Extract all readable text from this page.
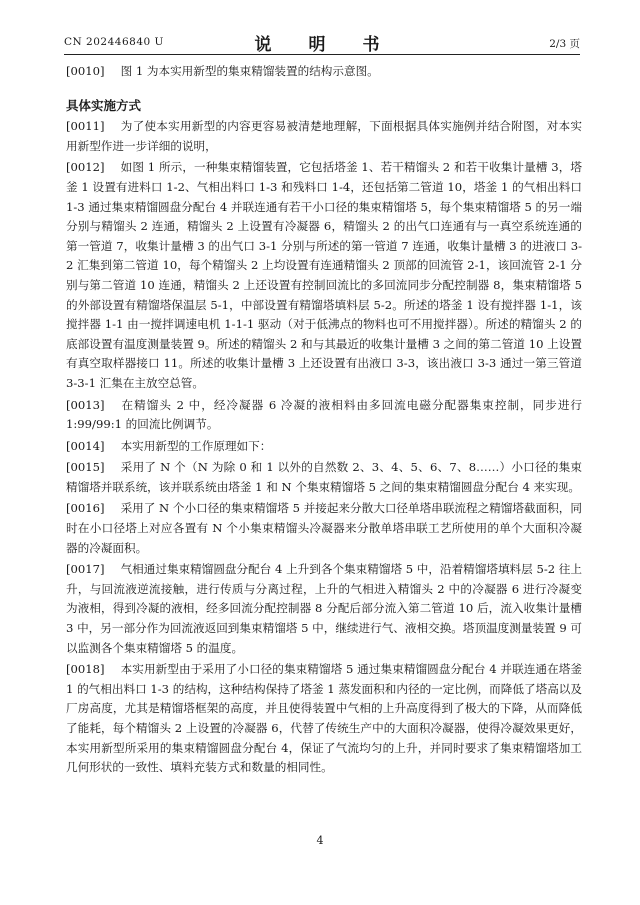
CN 202446840 U	说　明　书	2/3 页

[0010] 图 1 为本实用新型的集束精馏装置的结构示意图。

具体实施方式

[0011] 为了使本实用新型的内容更容易被清楚地理解，下面根据具体实施例并结合附图，对本实用新型作进一步详细的说明，

[0012] 如图 1 所示，一种集束精馏装置，它包括塔釜 1、若干精馏头 2 和若干收集计量槽 3，塔釜 1 设置有进料口 1-2、气相出料口 1-3 和残料口 1-4，还包括第二管道 10，塔釜 1 的气相出料口 1-3 通过集束精馏圆盘分配台 4 并联连通有若干小口径的集束精馏塔 5，每个集束精馏塔 5 的另一端分别与精馏头 2 连通，精馏头 2 上设置有冷凝器 6，精馏头 2 的出气口连通有与一真空系统连通的第一管道 7，收集计量槽 3 的出气口 3-1 分别与所述的第一管道 7 连通，收集计量槽 3 的进液口 3-2 汇集到第二管道 10，每个精馏头 2 上均设置有连通精馏头 2 顶部的回流管 2-1，该回流管 2-1 分别与第二管道 10 连通，精馏头 2 上还设置有控制回流比的多回流同步分配控制器 8，集束精馏塔 5 的外部设置有精馏塔保温层 5-1，中部设置有精馏塔填料层 5-2。所述的塔釜 1 设有搅拌器 1-1，该搅拌器 1-1 由一搅拌调速电机 1-1-1 驱动（对于低沸点的物料也可不用搅拌器）。所述的精馏头 2 的底部设置有温度测量装置 9。所述的精馏头 2 和与其最近的收集计量槽 3 之间的第二管道 10 上设置有真空取样器接口 11。所述的收集计量槽 3 上还设置有出液口 3-3，该出液口 3-3 通过一第三管道 3-3-1 汇集在主放空总管。

[0013] 在精馏头 2 中，经冷凝器 6 冷凝的液相料由多回流电磁分配器集束控制，同步进行 1:99/99:1 的回流比例调节。

[0014] 本实用新型的工作原理如下：

[0015] 采用了 N 个（N 为除 0 和 1 以外的自然数 2、3、4、5、6、7、8……）小口径的集束精馏塔并联系统，该并联系统由塔釜 1 和 N 个集束精馏塔 5 之间的集束精馏圆盘分配台 4 来实现。

[0016] 采用了 N 个小口径的集束精馏塔 5 并接起来分散大口径单塔串联流程之精馏塔截面积，同时在小口径塔上对应各置有 N 个小集束精馏头冷凝器来分散单塔串联工艺所使用的单个大面积冷凝器的冷凝面积。

[0017] 气相通过集束精馏圆盘分配台 4 上升到各个集束精馏塔 5 中，沿着精馏塔填料层 5-2 往上升，与回流液逆流接触，进行传质与分离过程，上升的气相进入精馏头 2 中的冷凝器 6 进行冷凝变为液相，得到冷凝的液相，经多回流分配控制器 8 分配后部分流入第二管道 10 后，流入收集计量槽 3 中，另一部分作为回流液返回到集束精馏塔 5 中，继续进行气、液相交换。塔顶温度测量装置 9 可以监测各个集束精馏塔 5 的温度。

[0018] 本实用新型由于采用了小口径的集束精馏塔 5 通过集束精馏圆盘分配台 4 并联连通在塔釜 1 的气相出料口 1-3 的结构，这种结构保持了塔釜 1 蒸发面积和内径的一定比例，而降低了塔高以及厂房高度，尤其是精馏塔框架的高度，并且使得装置中气相的上升高度得到了极大的下降，从而降低了能耗，每个精馏头 2 上设置的冷凝器 6，代替了传统生产中的大面积冷凝器，使得冷凝效果更好，本实用新型所采用的集束精馏圆盘分配台 4，保证了气流均匀的上升，并同时要求了集束精馏塔加工几何形状的一致性、填料充装方式和数量的相同性。

4
